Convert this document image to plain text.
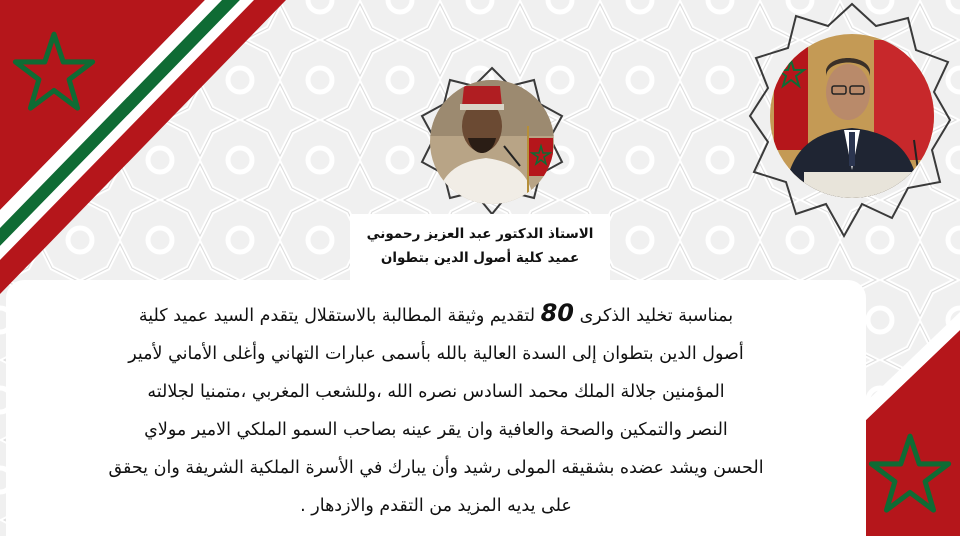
الاستاذ الدكتور عبد العزيز رحموني
عميد كلية أصول الدين بتطوان

بمناسبة تخليد الذكرى 80 لتقديم وثيقة المطالبة بالاستقلال يتقدم السيد عميد كلية

أصول الدين بتطوان إلى السدة العالية بالله بأسمى عبارات التهاني وأغلى الأماني لأمير

المؤمنين جلالة الملك محمد السادس نصره الله ،وللشعب المغربي ،متمنيا لجلالته

النصر والتمكين والصحة والعافية وان يقر عينه بصاحب السمو الملكي الامير مولاي

الحسن ويشد عضده بشقيقه المولى رشيد وأن يبارك في الأسرة الملكية الشريفة وان يحقق

على يديه المزيد من التقدم والازدهار .
